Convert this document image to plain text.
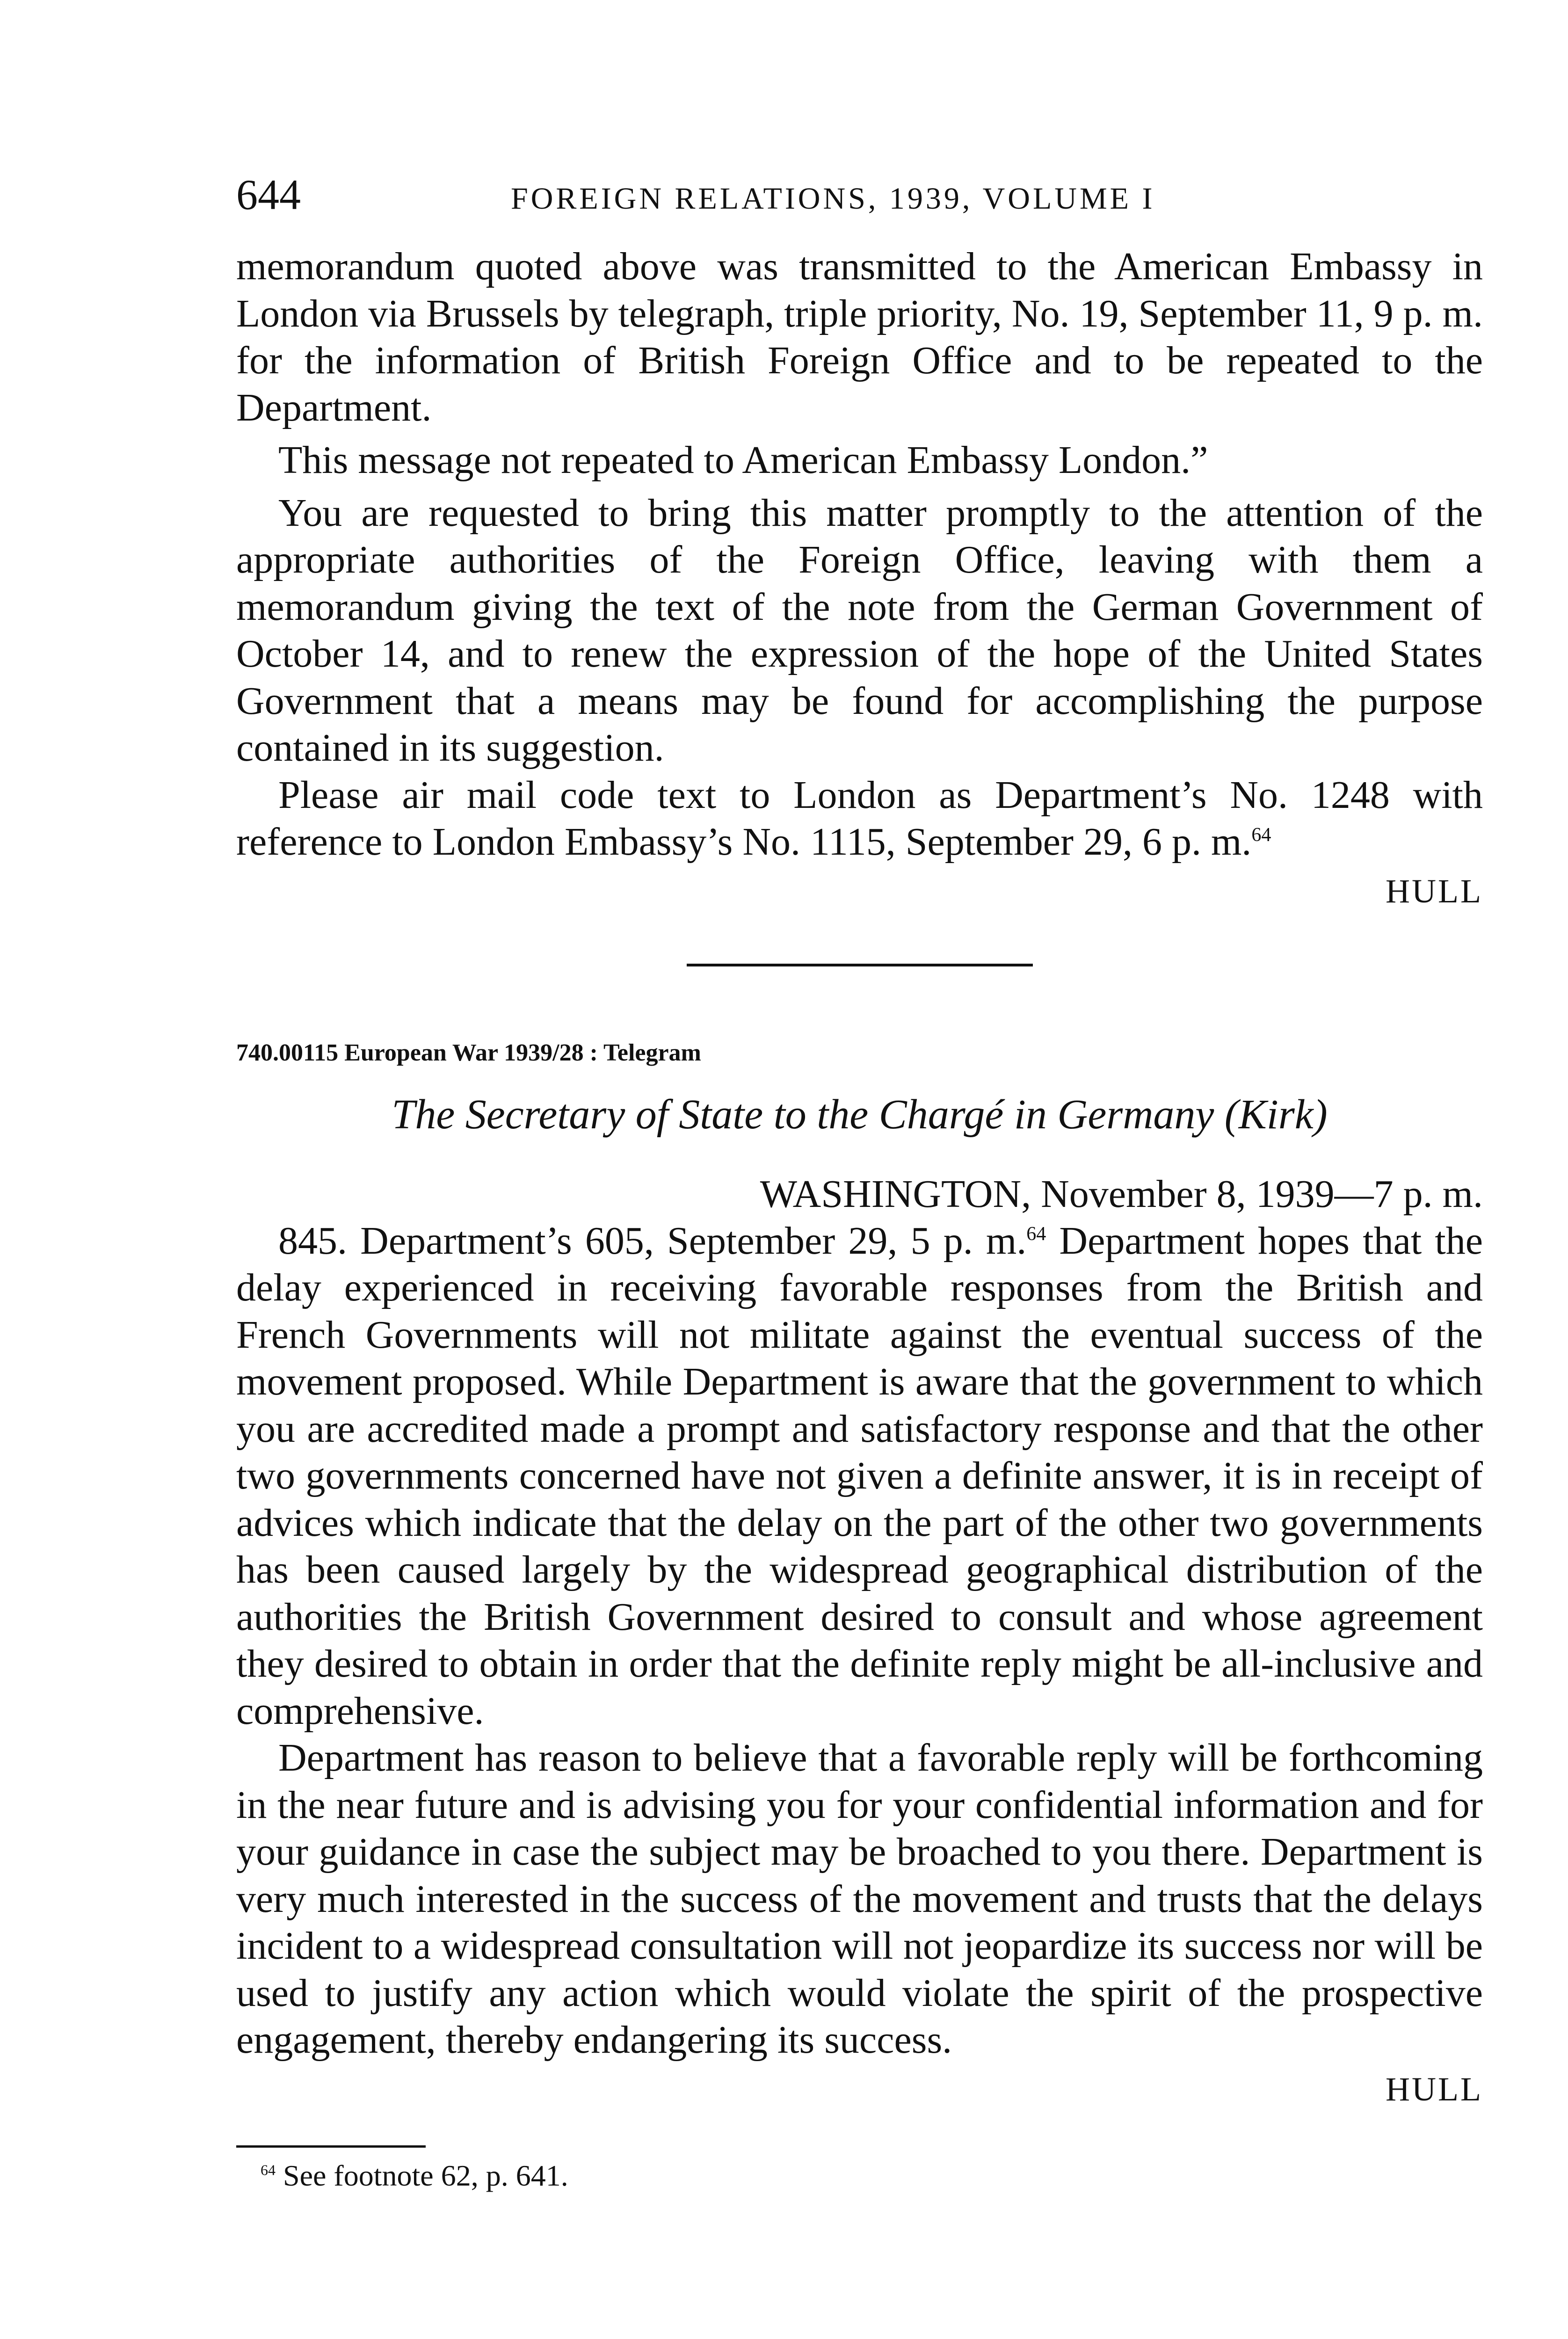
644	FOREIGN RELATIONS, 1939, VOLUME I

memorandum quoted above was transmitted to the American Embassy in London via Brussels by telegraph, triple priority, No. 19, September 11, 9 p. m. for the information of British Foreign Office and to be repeated to the Department.

This message not repeated to American Embassy London.”

You are requested to bring this matter promptly to the attention of the appropriate authorities of the Foreign Office, leaving with them a memorandum giving the text of the note from the German Government of October 14, and to renew the expression of the hope of the United States Government that a means may be found for accomplishing the purpose contained in its suggestion.

Please air mail code text to London as Department’s No. 1248 with reference to London Embassy’s No. 1115, September 29, 6 p. m.$^{64}$

HULL
740.00115 European War 1939/28 : Telegram
The Secretary of State to the Chargé in Germany (Kirk)
WASHINGTON, November 8, 1939—7 p. m.

845. Department’s 605, September 29, 5 p. m.$^{64}$ Department hopes that the delay experienced in receiving favorable responses from the British and French Governments will not militate against the eventual success of the movement proposed. While Department is aware that the government to which you are accredited made a prompt and satisfactory response and that the other two governments concerned have not given a definite answer, it is in receipt of advices which indicate that the delay on the part of the other two governments has been caused largely by the widespread geographical distribution of the authorities the British Government desired to consult and whose agreement they desired to obtain in order that the definite reply might be all-inclusive and comprehensive.

Department has reason to believe that a favorable reply will be forthcoming in the near future and is advising you for your confidential information and for your guidance in case the subject may be broached to you there. Department is very much interested in the success of the movement and trusts that the delays incident to a widespread consultation will not jeopardize its success nor will be used to justify any action which would violate the spirit of the prospective engagement, thereby endangering its success.

HULL
$^{64}$ See footnote 62, p. 641.
